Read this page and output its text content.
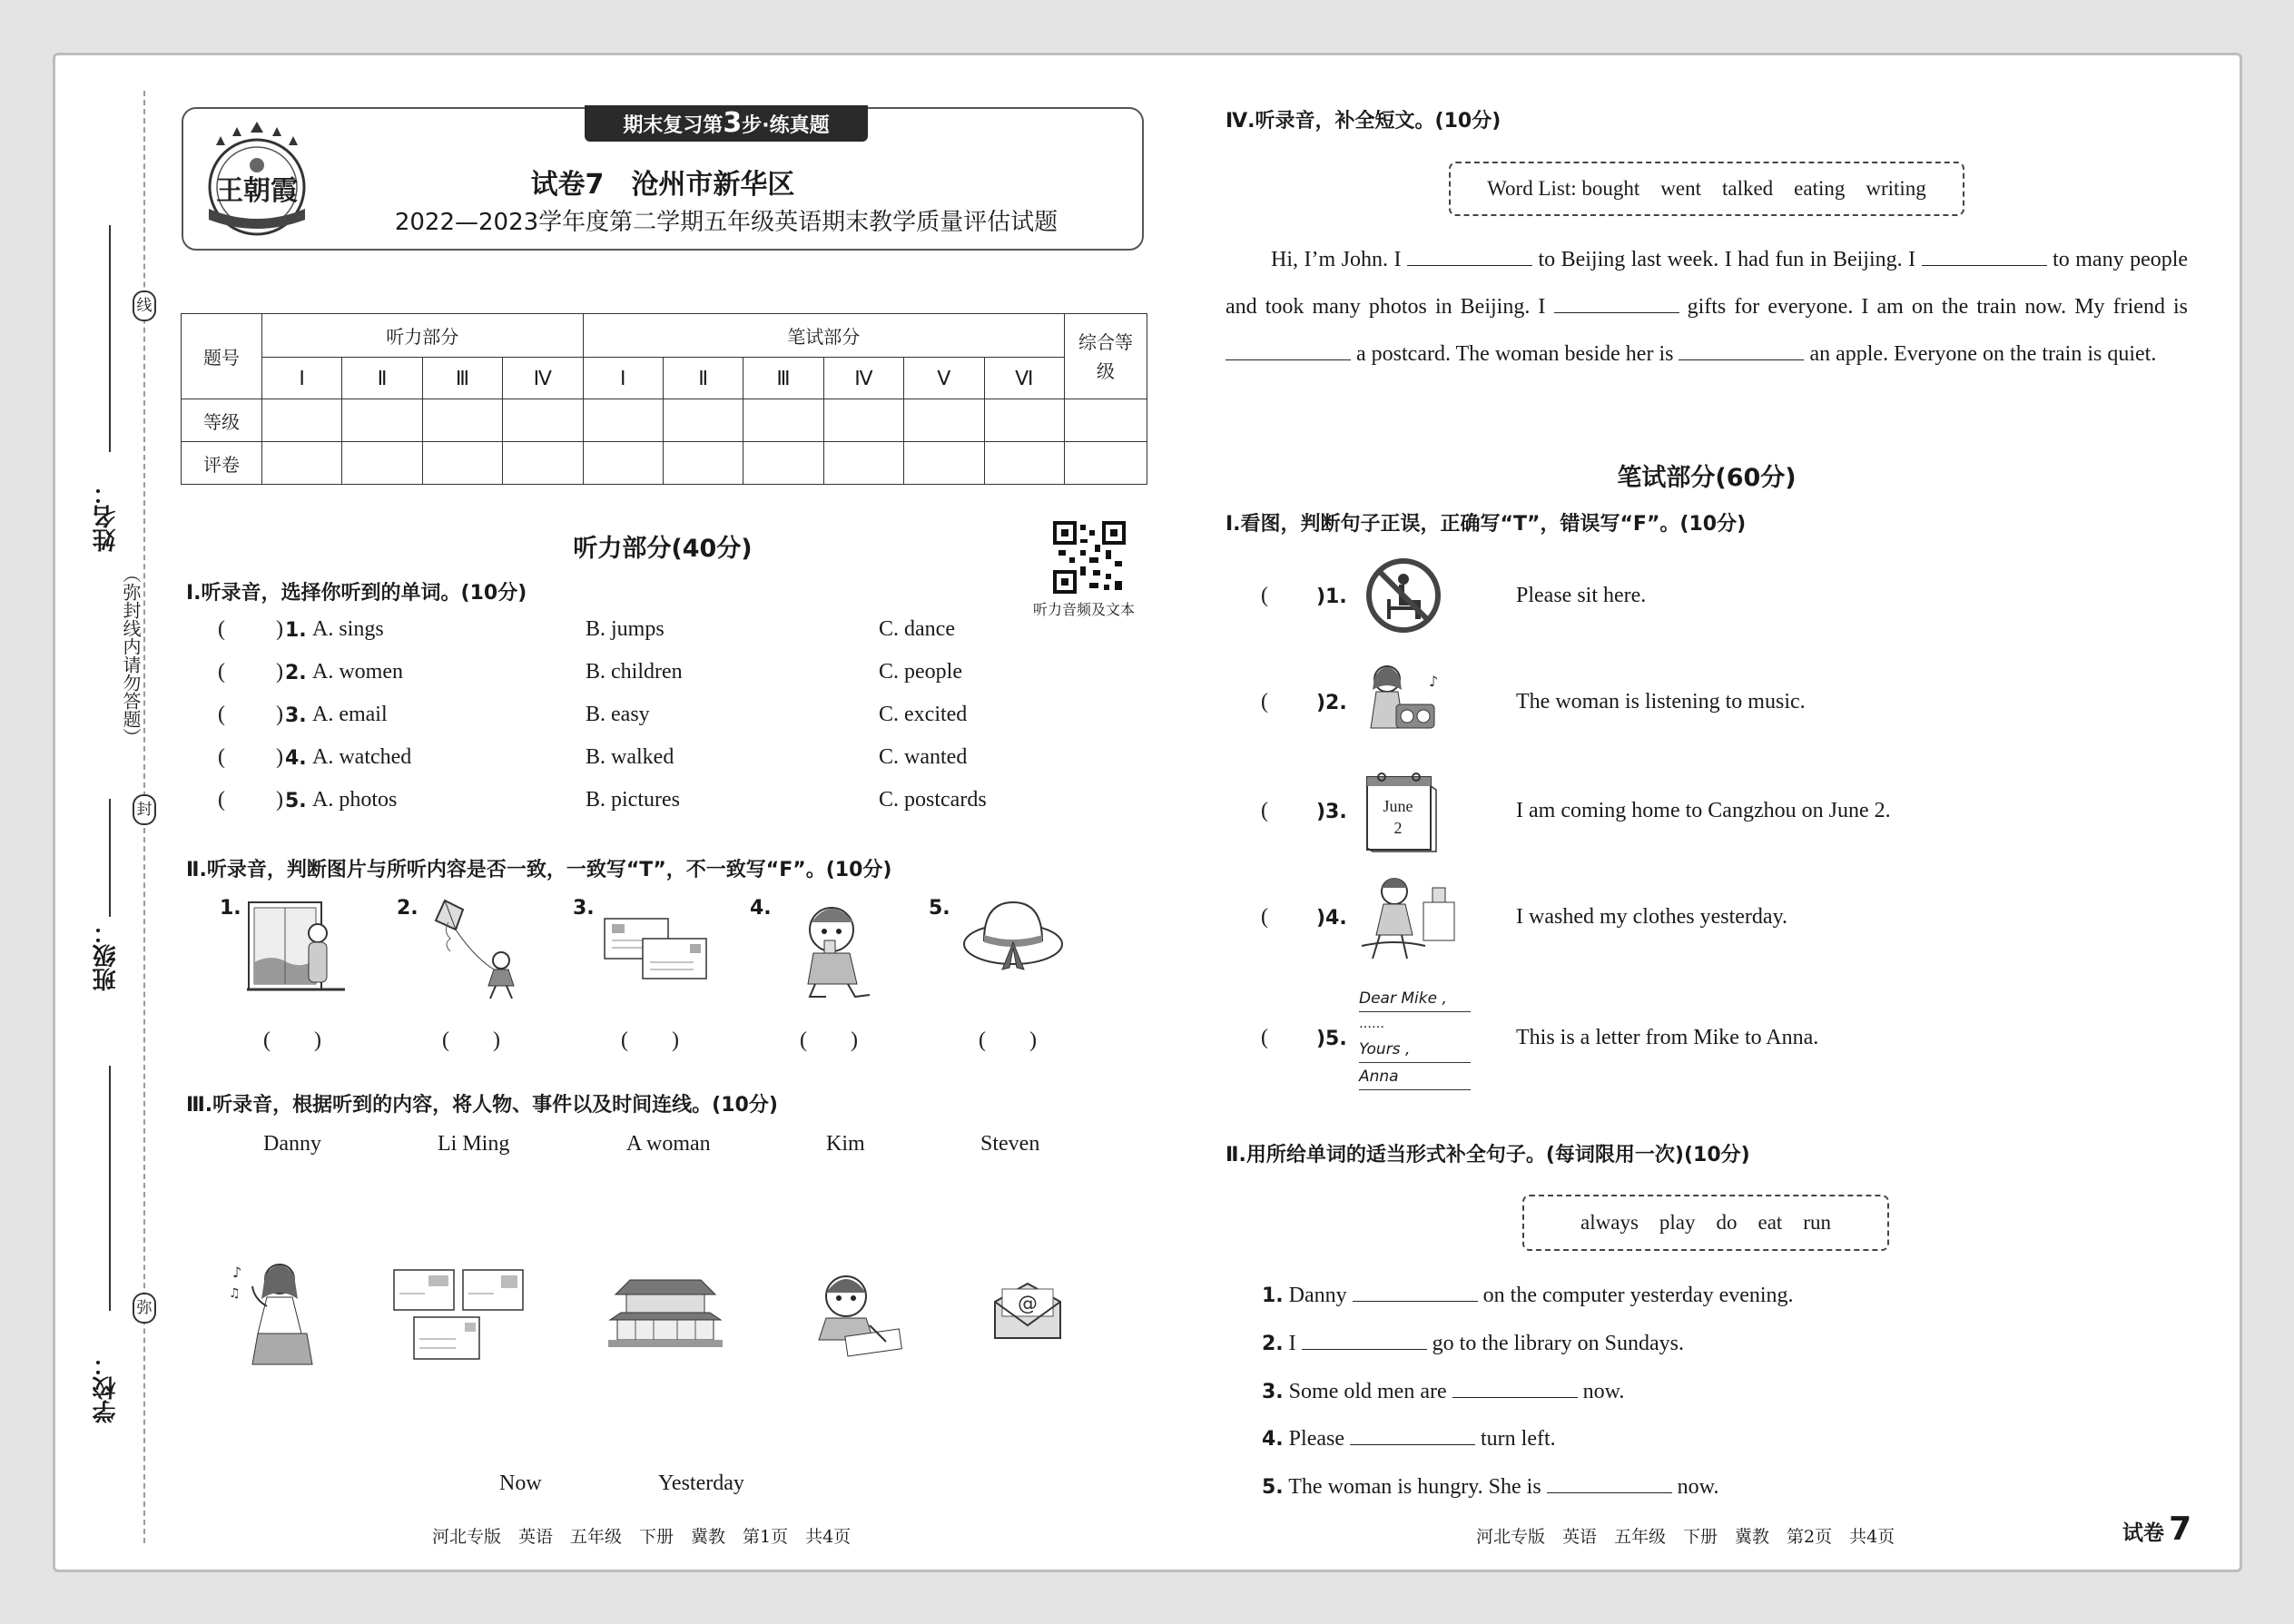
线
封
弥
（弥封线内请勿答题）
姓名：
班级：
学校：
期末复习第3步·练真题
王朝霞	试卷7　沧州市新华区
2022—2023学年度第二学期五年级英语期末教学质量评估试题
题号	听力部分				笔试部分						综合等级
	Ⅰ	Ⅱ	Ⅲ	Ⅳ	Ⅰ	Ⅱ	Ⅲ	Ⅳ	Ⅴ	Ⅵ	
等级											
评卷											
听力部分(40分)
听力音频及文本
Ⅰ.听录音，选择你听到的单词。(10分)
( ) 1. A. sings	B. jumps	C. dance
( ) 2. A. women	B. children	C. people
( ) 3. A. email	B. easy	C. excited
( ) 4. A. watched	B. walked	C. wanted
( ) 5. A. photos	B. pictures	C. postcards
Ⅱ.听录音，判断图片与所听内容是否一致，一致写“T”，不一致写“F”。(10分)
1.	2.	3.	4.	5.
(　　)	(　　)	(　　)	(　　)	(　　)
Ⅲ.听录音，根据听到的内容，将人物、事件以及时间连线。(10分)
Danny	Li Ming	A woman	Kim	Steven
♪
♫	@
Now	Yesterday
Ⅳ.听录音，补全短文。(10分)
Word List: bought　went　talked　eating　writing
Hi, I’m John. I	to Beijing last week. I had fun in Beijing. I	to many people and took many photos in Beijing. I	gifts for everyone. I am on the train now. My friend is  a postcard. The woman beside her is	an apple. Everyone on the train is quiet.
笔试部分(60分)
Ⅰ.看图，判断句子正误，正确写“T”，错误写“F”。(10分)
( )1.	Please sit here.
( )2.	The woman is listening to music.
( )3.	I am coming home to Cangzhou on June 2.
( )4.	I washed my clothes yesterday.
( )5.	This is a letter from Mike to Anna.
♪
June
2
Dear Mike ,
……
Yours ,
Anna
Ⅱ.用所给单词的适当形式补全句子。(每词限用一次)(10分)
always　play　do　eat　run
1. Danny	on the computer yesterday evening.
2. I	go to the library on Sundays.
3. Some old men are	now.
4. Please	turn left.
5. The woman is hungry. She is	now.
河北专版　英语　五年级　下册　冀教　第1页　共4页	河北专版　英语　五年级　下册　冀教　第2页　共4页	试卷 7
